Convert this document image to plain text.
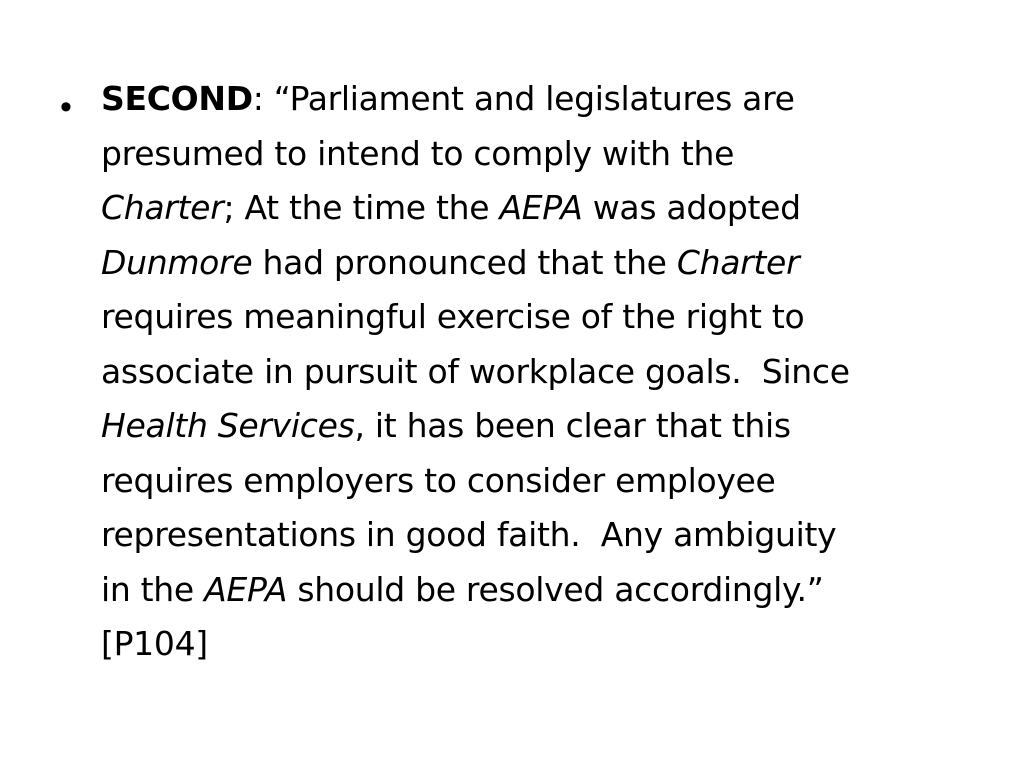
• SECOND: “Parliament and legislatures are
presumed to intend to comply with the
Charter; At the time the AEPA was adopted
Dunmore had pronounced that the Charter
requires meaningful exercise of the right to
associate in pursuit of workplace goals.  Since
Health Services, it has been clear that this
requires employers to consider employee
representations in good faith.  Any ambiguity
in the AEPA should be resolved accordingly.”
[P104]
